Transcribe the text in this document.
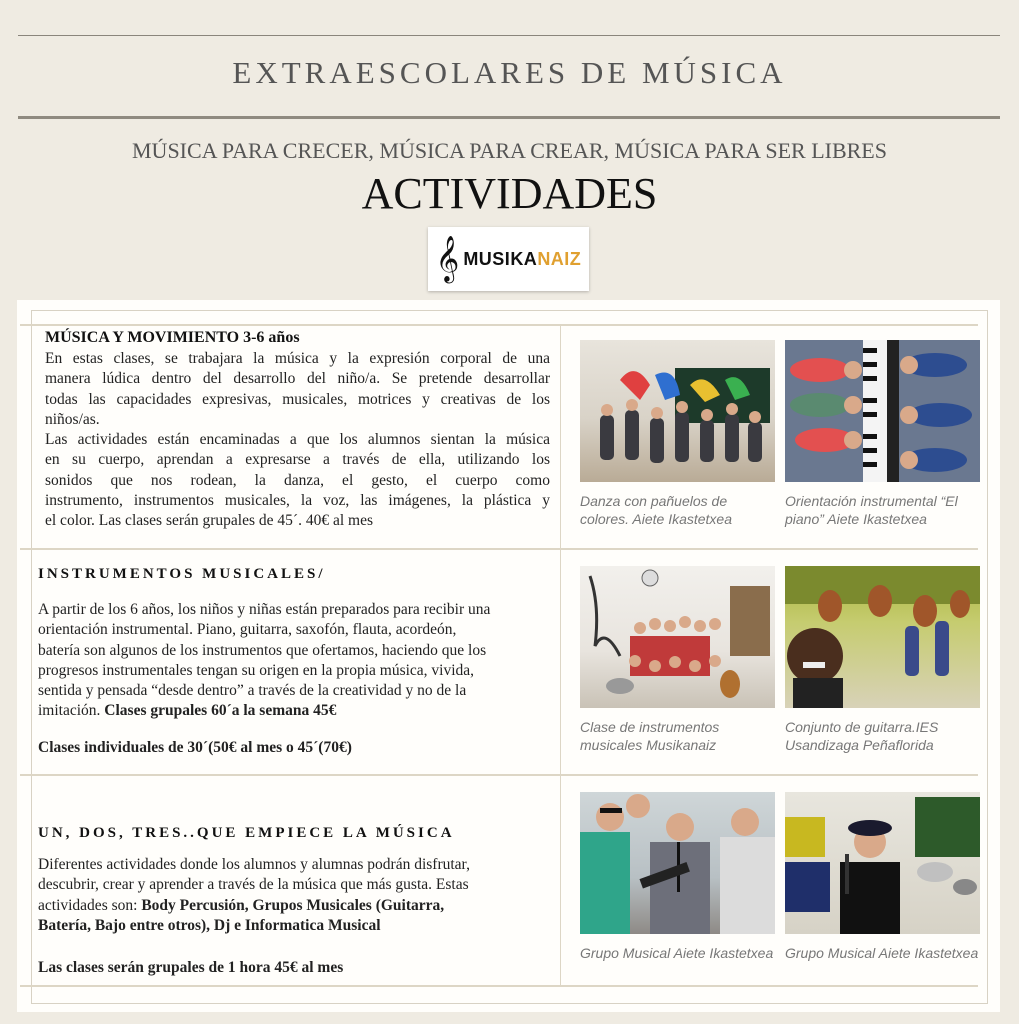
EXTRAESCOLARES DE MÚSICA
MÚSICA PARA CRECER, MÚSICA PARA CREAR, MÚSICA PARA SER LIBRES
ACTIVIDADES
𝄞 MUSIKANAIZ
MÚSICA Y MOVIMIENTO 3-6 años
En estas clases, se trabajara la música y la expresión corporal de una
manera lúdica dentro del desarrollo del niño/a. Se pretende desarrollar
todas las capacidades expresivas, musicales, motrices y creativas de los
niños/as.
Las actividades están encaminadas a que los alumnos sientan la música
en su cuerpo, aprendan a expresarse a través de ella, utilizando los
sonidos que nos rodean, la danza, el gesto, el cuerpo como
instrumento, instrumentos musicales, la voz, las imágenes, la plástica y
el color. Las clases serán grupales de 45´. 40€ al mes
Danza con pañuelos de colores. Aiete Ikastetxea
Orientación instrumental “El piano” Aiete Ikastetxea
INSTRUMENTOS MUSICALES/
A partir de los 6 años, los niños y niñas están preparados para recibir una
orientación instrumental. Piano, guitarra, saxofón, flauta, acordeón,
batería son algunos de los instrumentos que ofertamos, haciendo que los
progresos instrumentales tengan su origen en la propia música, vivida,
sentida y pensada “desde dentro” a través de la creatividad y no de la
imitación. Clases grupales 60´a la semana 45€
Clases individuales de 30´(50€ al mes o 45´(70€)
Clase de instrumentos musicales Musikanaiz
Conjunto de guitarra.IES Usandizaga Peñaflorida
UN, DOS, TRES..QUE EMPIECE LA MÚSICA
Diferentes actividades donde los alumnos y alumnas podrán disfrutar,
descubrir, crear y aprender a través de la música que más gusta. Estas
actividades son: Body Percusión, Grupos Musicales (Guitarra,
Batería, Bajo entre otros), Dj e Informatica Musical
Las clases serán grupales de 1 hora 45€ al mes
Grupo Musical Aiete Ikastetxea Grupo Musical Aiete Ikastetxea
